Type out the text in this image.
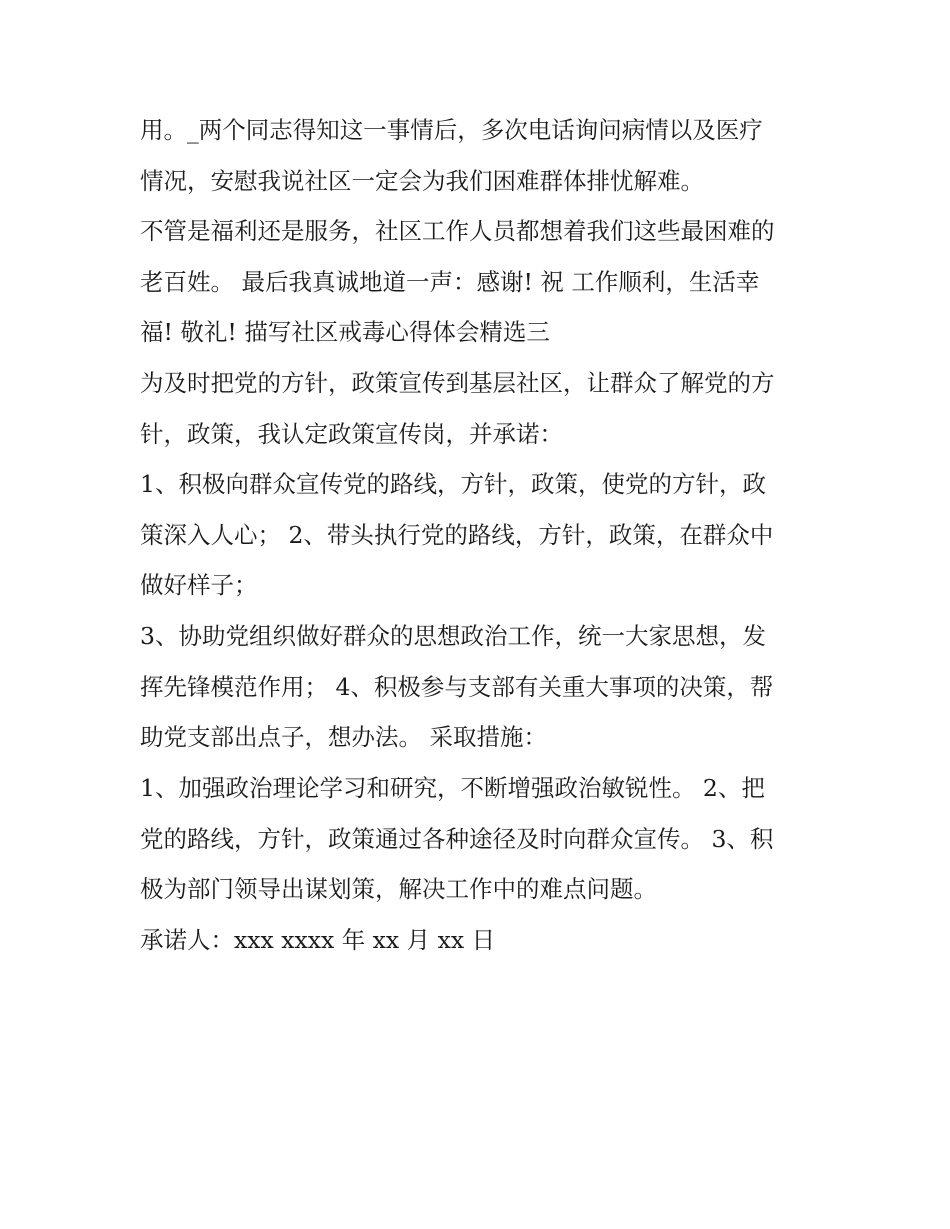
用。_两个同志得知这一事情后，多次电话询问病情以及医疗
情况，安慰我说社区一定会为我们困难群体排忧解难。
不管是福利还是服务，社区工作人员都想着我们这些最困难的
老百姓。 最后我真诚地道一声：感谢! 祝 工作顺利，生活幸
福! 敬礼! 描写社区戒毒心得体会精选三
为及时把党的方针，政策宣传到基层社区，让群众了解党的方
针，政策，我认定政策宣传岗，并承诺：
1、积极向群众宣传党的路线，方针，政策，使党的方针，政
策深入人心； 2、带头执行党的路线，方针，政策，在群众中
做好样子；
3、协助党组织做好群众的思想政治工作，统一大家思想，发
挥先锋模范作用； 4、积极参与支部有关重大事项的决策，帮
助党支部出点子，想办法。 采取措施：
1、加强政治理论学习和研究，不断增强政治敏锐性。 2、把
党的路线，方针，政策通过各种途径及时向群众宣传。 3、积
极为部门领导出谋划策，解决工作中的难点问题。
承诺人：xxx xxxx 年 xx 月 xx 日
